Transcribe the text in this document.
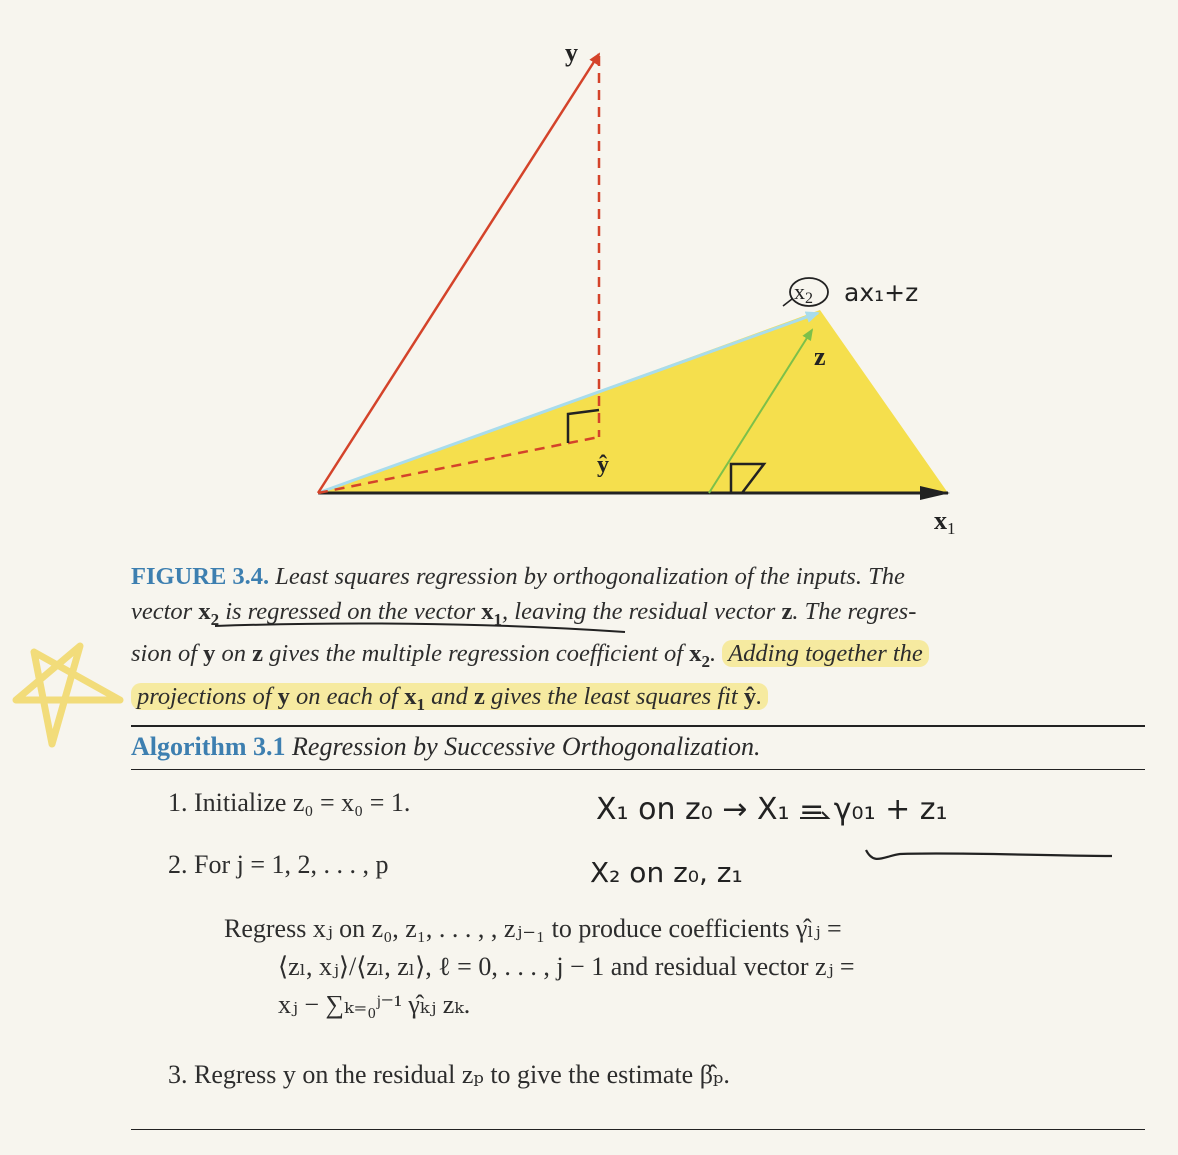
y
ŷ
z
x1
x2 ax₁+z
FIGURE 3.4. Least squares regression by orthogonalization of the inputs. The
vector $x_2$ is regressed on the vector $x_1$, leaving the residual vector z. The regres-
sion of y on z gives the multiple regression coefficient of $x_2$. Adding together the
projections of y on each of $x_1$ and z gives the least squares fit ŷ.
Algorithm 3.1 Regression by Successive Orthogonalization.
1. Initialize z₀ = x₀ = 1.
2. For j = 1, 2, . . . , p
Regress xⱼ on z₀, z₁, . . . , , zⱼ₋₁ to produce coefficients γ̂ₗⱼ =
⟨zₗ, xⱼ⟩/⟨zₗ, zₗ⟩, ℓ = 0, . . . , j − 1 and residual vector zⱼ =
xⱼ − ∑ₖ₌₀ʲ⁻¹ γ̂ₖⱼ zₖ.
3. Regress y on the residual zₚ to give the estimate β̂ₚ.
X₁ on z₀ → X₁ = γ₀₁ + z₁
X₂ on z₀, z₁
